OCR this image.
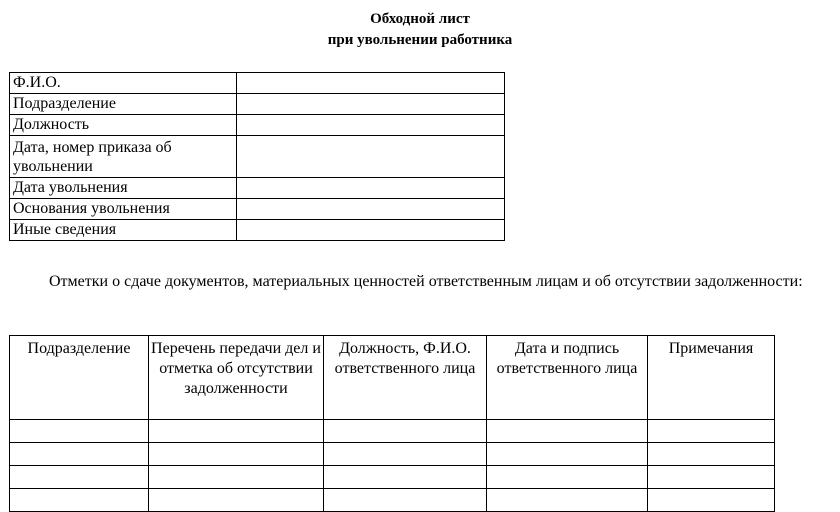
Обходной лист
при увольнении работника
Ф.И.О.	
Подразделение	
Должность	
Дата, номер приказа об увольнении	
Дата увольнения	
Основания увольнения	
Иные сведения	

Отметки о сдаче документов, материальных ценностей ответственным лицам и об отсутствии задолженности:

Подразделение	Перечень передачи дел и отметка об отсутствии задолженности	Должность, Ф.И.О. ответственного лица	Дата и подпись ответственного лица	Примечания
